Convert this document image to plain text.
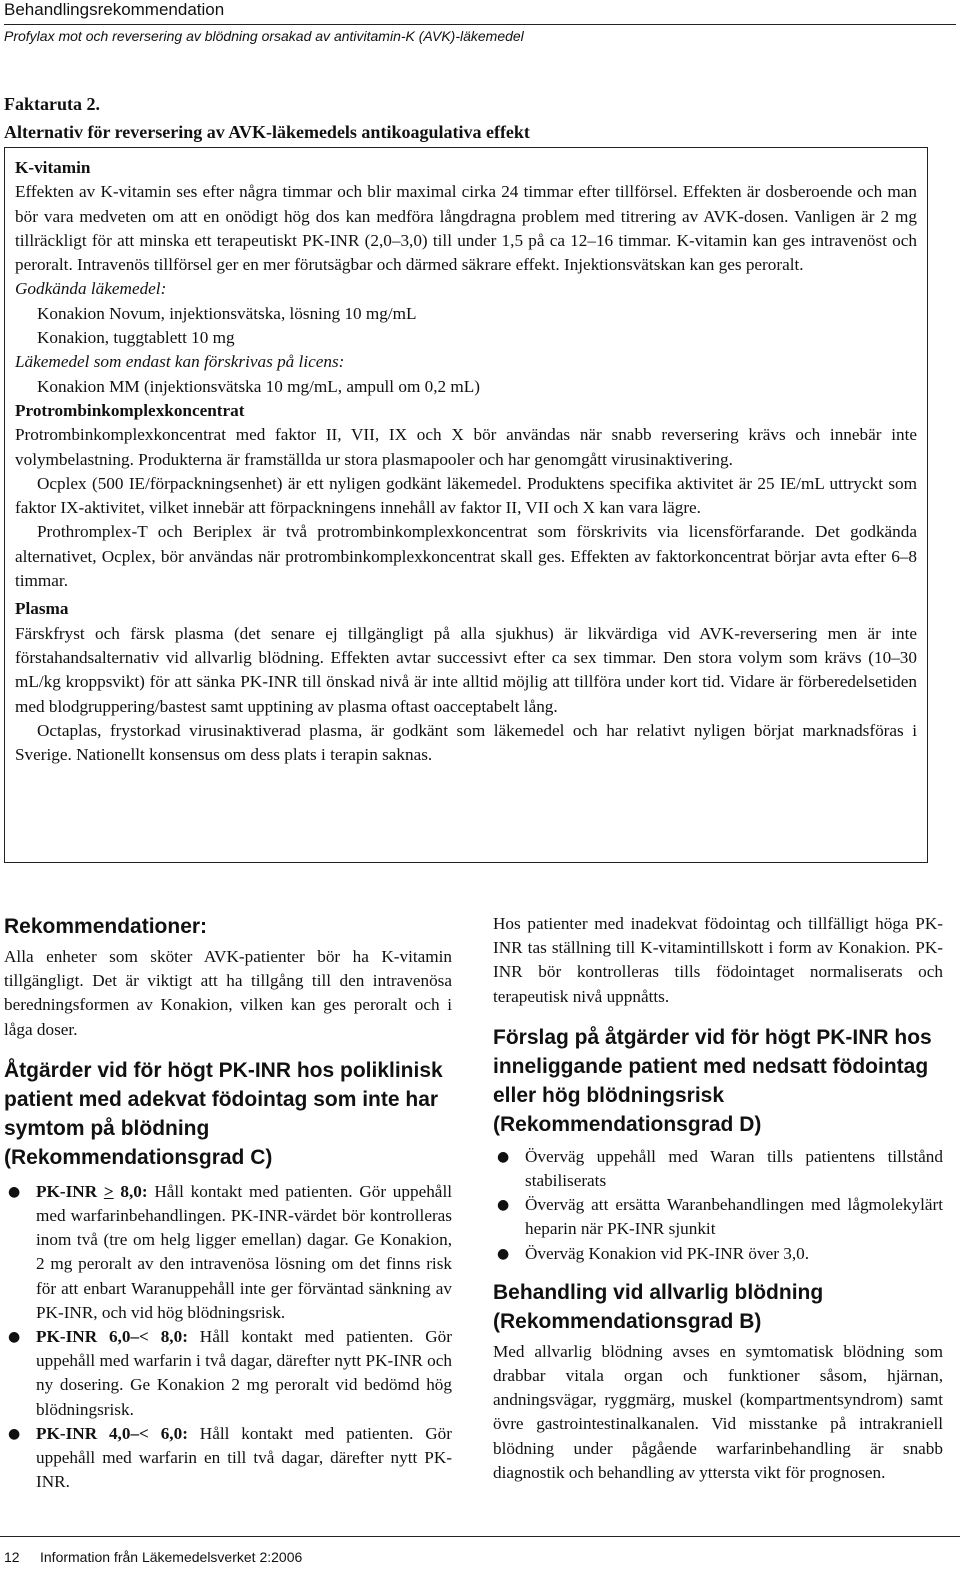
Behandlingsrekommendation

Profylax mot och reversering av blödning orsakad av antivitamin-K (AVK)-läkemedel
Faktaruta 2.
Alternativ för reversering av AVK-läkemedels antikoagulativa effekt

K-vitamin

Effekten av K-vitamin ses efter några timmar och blir maximal cirka 24 timmar efter tillförsel. Effekten är dosberoende och man bör vara medveten om att en onödigt hög dos kan medföra långdragna problem med titrering av AVK-dosen. Vanligen är 2 mg tillräckligt för att minska ett terapeutiskt PK-INR (2,0–3,0) till under 1,5 på ca 12–16 timmar. K-vitamin kan ges intravenöst och peroralt. Intravenös tillförsel ger en mer förutsägbar och därmed säkrare effekt. Injektionsvätskan kan ges peroralt.

Godkända läkemedel:

Konakion Novum, injektionsvätska, lösning 10 mg/mL

Konakion, tuggtablett 10 mg

Läkemedel som endast kan förskrivas på licens:

Konakion MM (injektionsvätska 10 mg/mL, ampull om 0,2 mL)

Protrombinkomplexkoncentrat

Protrombinkomplexkoncentrat med faktor II, VII, IX och X bör användas när snabb reversering krävs och innebär inte volymbelastning. Produkterna är framställda ur stora plasmapooler och har genomgått virusinaktivering.

Ocplex (500 IE/förpackningsenhet) är ett nyligen godkänt läkemedel. Produktens specifika aktivitet är 25 IE/mL uttryckt som faktor IX-aktivitet, vilket innebär att förpackningens innehåll av faktor II, VII och X kan vara lägre.

Prothromplex-T och Beriplex är två protrombinkomplexkoncentrat som förskrivits via licensförfarande. Det godkända alternativet, Ocplex, bör användas när protrombinkomplexkoncentrat skall ges. Effekten av faktorkoncentrat börjar avta efter 6–8 timmar.

Plasma

Färskfryst och färsk plasma (det senare ej tillgängligt på alla sjukhus) är likvärdiga vid AVK-reversering men är inte förstahandsalternativ vid allvarlig blödning. Effekten avtar successivt efter ca sex timmar. Den stora volym som krävs (10–30 mL/kg kroppsvikt) för att sänka PK-INR till önskad nivå är inte alltid möjlig att tillföra under kort tid. Vidare är förberedelsetiden med blodgruppering/bastest samt upptining av plasma oftast oacceptabelt lång.

Octaplas, frystorkad virusinaktiverad plasma, är godkänt som läkemedel och har relativt nyligen börjat marknadsföras i Sverige. Nationellt konsensus om dess plats i terapin saknas.

Rekommendationer:

Alla enheter som sköter AVK-patienter bör ha K-vitamin tillgängligt. Det är viktigt att ha tillgång till den intravenösa beredningsformen av Konakion, vilken kan ges peroralt och i låga doser.

Åtgärder vid för högt PK-INR hos poliklinisk patient med adekvat födointag som inte har symtom på blödning (Rekommendationsgrad C)

● PK-INR > 8,0: Håll kontakt med patienten. Gör uppehåll med warfarinbehandlingen. PK-INR-värdet bör kontrolleras inom två (tre om helg ligger emellan) dagar. Ge Konakion, 2 mg peroralt av den intravenösa lösning om det finns risk för att enbart Waranuppehåll inte ger förväntad sänkning av PK-INR, och vid hög blödningsrisk.
● PK-INR 6,0–< 8,0: Håll kontakt med patienten. Gör uppehåll med warfarin i två dagar, därefter nytt PK-INR och ny dosering. Ge Konakion 2 mg peroralt vid bedömd hög blödningsrisk.
● PK-INR 4,0–< 6,0: Håll kontakt med patienten. Gör uppehåll med warfarin en till två dagar, därefter nytt PK-INR.

Hos patienter med inadekvat födointag och tillfälligt höga PK-INR tas ställning till K-vitamintillskott i form av Konakion. PK-INR bör kontrolleras tills födointaget normaliserats och terapeutisk nivå uppnåtts.

Förslag på åtgärder vid för högt PK-INR hos inneliggande patient med nedsatt födointag eller hög blödningsrisk (Rekommendationsgrad D)

● Överväg uppehåll med Waran tills patientens tillstånd stabiliserats
● Överväg att ersätta Waranbehandlingen med lågmolekylärt heparin när PK-INR sjunkit
● Överväg Konakion vid PK-INR över 3,0.

Behandling vid allvarlig blödning (Rekommendationsgrad B)

Med allvarlig blödning avses en symtomatisk blödning som drabbar vitala organ och funktioner såsom, hjärnan, andningsvägar, ryggmärg, muskel (kompartmentsyndrom) samt övre gastrointestinalkanalen. Vid misstanke på intrakraniell blödning under pågående warfarinbehandling är snabb diagnostik och behandling av yttersta vikt för prognosen.

12 Information från Läkemedelsverket 2:2006
